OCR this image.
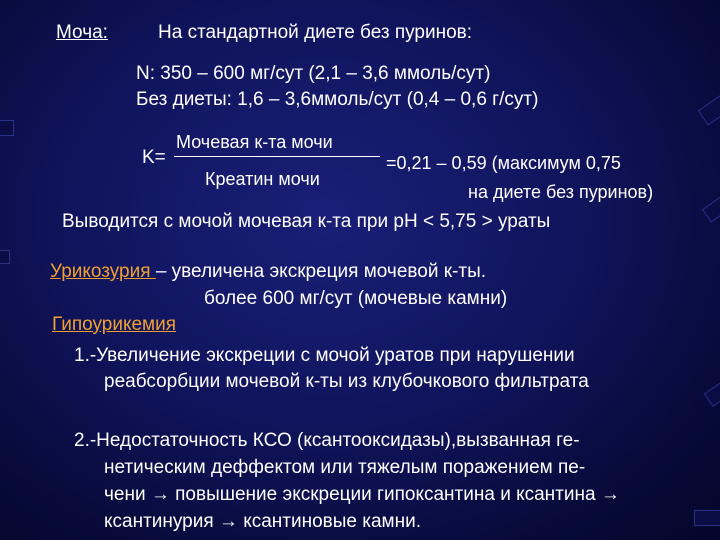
Моча:	На стандартной диете без пуринов:
N: 350 – 600 мг/сут (2,1 – 3,6 ммоль/сут)
Без диеты: 1,6 – 3,6ммоль/сут (0,4 – 0,6 г/сут)
K=
Мочевая к-та мочи
Креатин мочи
=0,21 – 0,59 (максимум 0,75
на диете без пуринов)
Выводится с мочой мочевая к-та при рН < 5,75 > ураты
Урикозурия – увеличена экскреция мочевой к-ты.
более 600 мг/сут (мочевые камни)
Гипоурикемия
1.-Увеличение экскреции с мочой уратов при нарушении
реабсорбции мочевой к-ты из клубочкового фильтрата
2.-Недостаточность КСО (ксантооксидазы),вызванная ге-
нетическим деффектом или тяжелым поражением пе-
чени → повышение экскреции гипоксантина и ксантина →
ксантинурия → ксантиновые камни.
